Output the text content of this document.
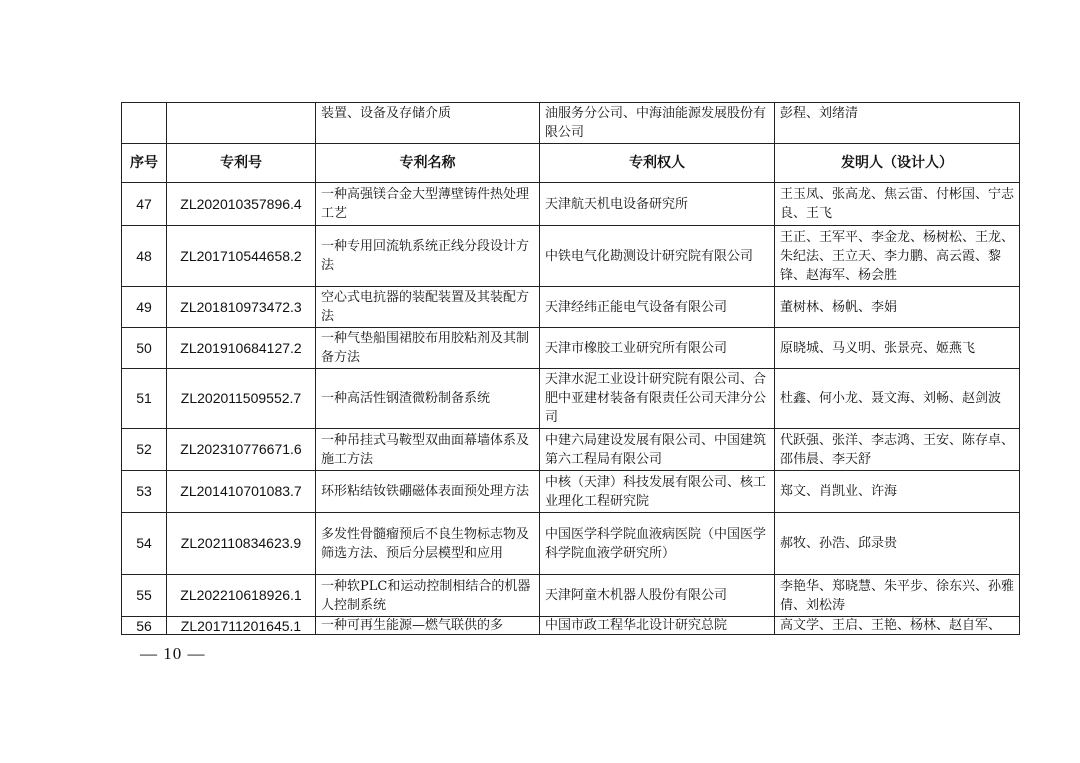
		装置、设备及存储介质	油服务分公司、中海油能源发展股份有限公司	彭程、刘绪清
序号	专利号	专利名称	专利权人	发明人（设计人）
47	ZL202010357896.4	一种高强镁合金大型薄壁铸件热处理工艺	天津航天机电设备研究所	王玉凤、张高龙、焦云雷、付彬国、宁志良、王飞
48	ZL201710544658.2	一种专用回流轨系统正线分段设计方法	中铁电气化勘测设计研究院有限公司	王正、王军平、李金龙、杨树松、王龙、朱纪法、王立天、李力鹏、高云霞、黎锋、赵海军、杨会胜
49	ZL201810973472.3	空心式电抗器的装配装置及其装配方法	天津经纬正能电气设备有限公司	董树林、杨帆、李娟
50	ZL201910684127.2	一种气垫船围裙胶布用胶粘剂及其制备方法	天津市橡胶工业研究所有限公司	原晓城、马义明、张景亮、姬燕飞
51	ZL202011509552.7	一种高活性钢渣微粉制备系统	天津水泥工业设计研究院有限公司、合肥中亚建材装备有限责任公司天津分公司	杜鑫、何小龙、聂文海、刘畅、赵剑波
52	ZL202310776671.6	一种吊挂式马鞍型双曲面幕墙体系及施工方法	中建六局建设发展有限公司、中国建筑第六工程局有限公司	代跃强、张洋、李志鸿、王安、陈存卓、邵伟晨、李天舒
53	ZL201410701083.7	环形粘结钕铁硼磁体表面预处理方法	中核（天津）科技发展有限公司、核工业理化工程研究院	郑文、肖凯业、许海
54	ZL202110834623.9	多发性骨髓瘤预后不良生物标志物及筛选方法、预后分层模型和应用	中国医学科学院血液病医院（中国医学科学院血液学研究所）	郝牧、孙浩、邱录贵
55	ZL202210618926.1	一种软PLC和运动控制相结合的机器人控制系统	天津阿童木机器人股份有限公司	李艳华、郑晓慧、朱平步、徐东兴、孙雅倩、刘松涛
56	ZL201711201645.1	一种可再生能源—燃气联供的多	中国市政工程华北设计研究总院	高文学、王启、王艳、杨林、赵自军、
— 10 —
